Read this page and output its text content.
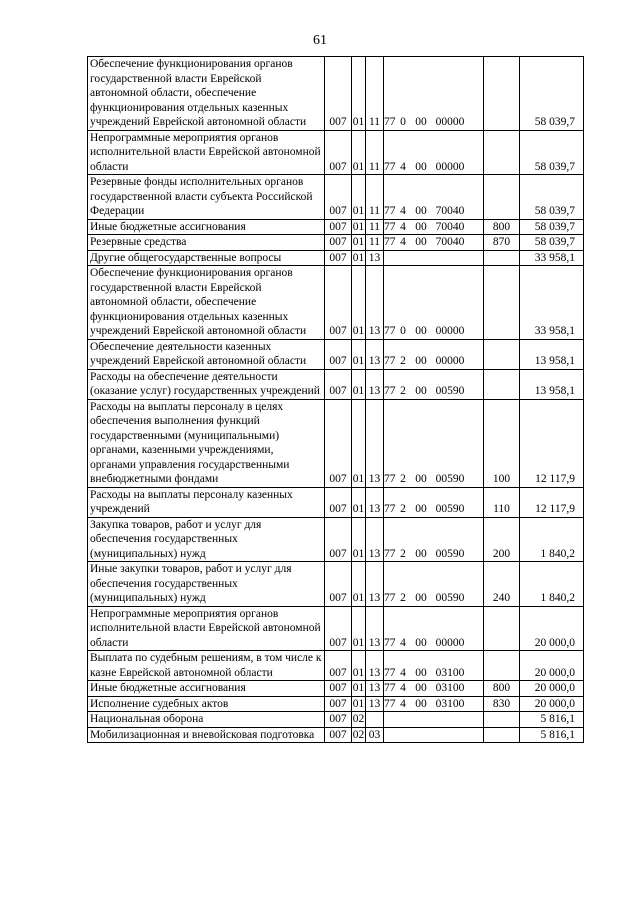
61
Обеспечение функционирования органов государственной власти Еврейской автономной области, обеспечение функционирования отдельных казенных учреждений Еврейской автономной области	007	01	11	77 0 00 00000		58 039,7
Непрограммные мероприятия органов исполнительной власти Еврейской автономной области	007	01	11	77 4 00 00000		58 039,7
Резервные фонды исполнительных органов государственной власти субъекта Российской Федерации	007	01	11	77 4 00 70040		58 039,7
Иные бюджетные ассигнования	007	01	11	77 4 00 70040	800	58 039,7
Резервные средства	007	01	11	77 4 00 70040	870	58 039,7
Другие общегосударственные вопросы	007	01	13			33 958,1
Обеспечение функционирования органов государственной власти Еврейской автономной области, обеспечение функционирования отдельных казенных учреждений Еврейской автономной области	007	01	13	77 0 00 00000		33 958,1
Обеспечение деятельности казенных учреждений Еврейской автономной области	007	01	13	77 2 00 00000		13 958,1
Расходы на обеспечение деятельности (оказание услуг) государственных учреждений	007	01	13	77 2 00 00590		13 958,1
Расходы на выплаты персоналу в целях обеспечения выполнения функций государственными (муниципальными) органами, казенными учреждениями, органами управления государственными внебюджетными фондами	007	01	13	77 2 00 00590	100	12 117,9
Расходы на выплаты персоналу казенных учреждений	007	01	13	77 2 00 00590	110	12 117,9
Закупка товаров, работ и услуг для обеспечения государственных (муниципальных) нужд	007	01	13	77 2 00 00590	200	1 840,2
Иные закупки товаров, работ и услуг для обеспечения государственных (муниципальных) нужд	007	01	13	77 2 00 00590	240	1 840,2
Непрограммные мероприятия органов исполнительной власти Еврейской автономной области	007	01	13	77 4 00 00000		20 000,0
Выплата по судебным решениям, в том числе к казне Еврейской автономной области	007	01	13	77 4 00 03100		20 000,0
Иные бюджетные ассигнования	007	01	13	77 4 00 03100	800	20 000,0
Исполнение судебных актов	007	01	13	77 4 00 03100	830	20 000,0
Национальная оборона	007	02				5 816,1
Мобилизационная и вневойсковая подготовка	007	02	03			5 816,1
